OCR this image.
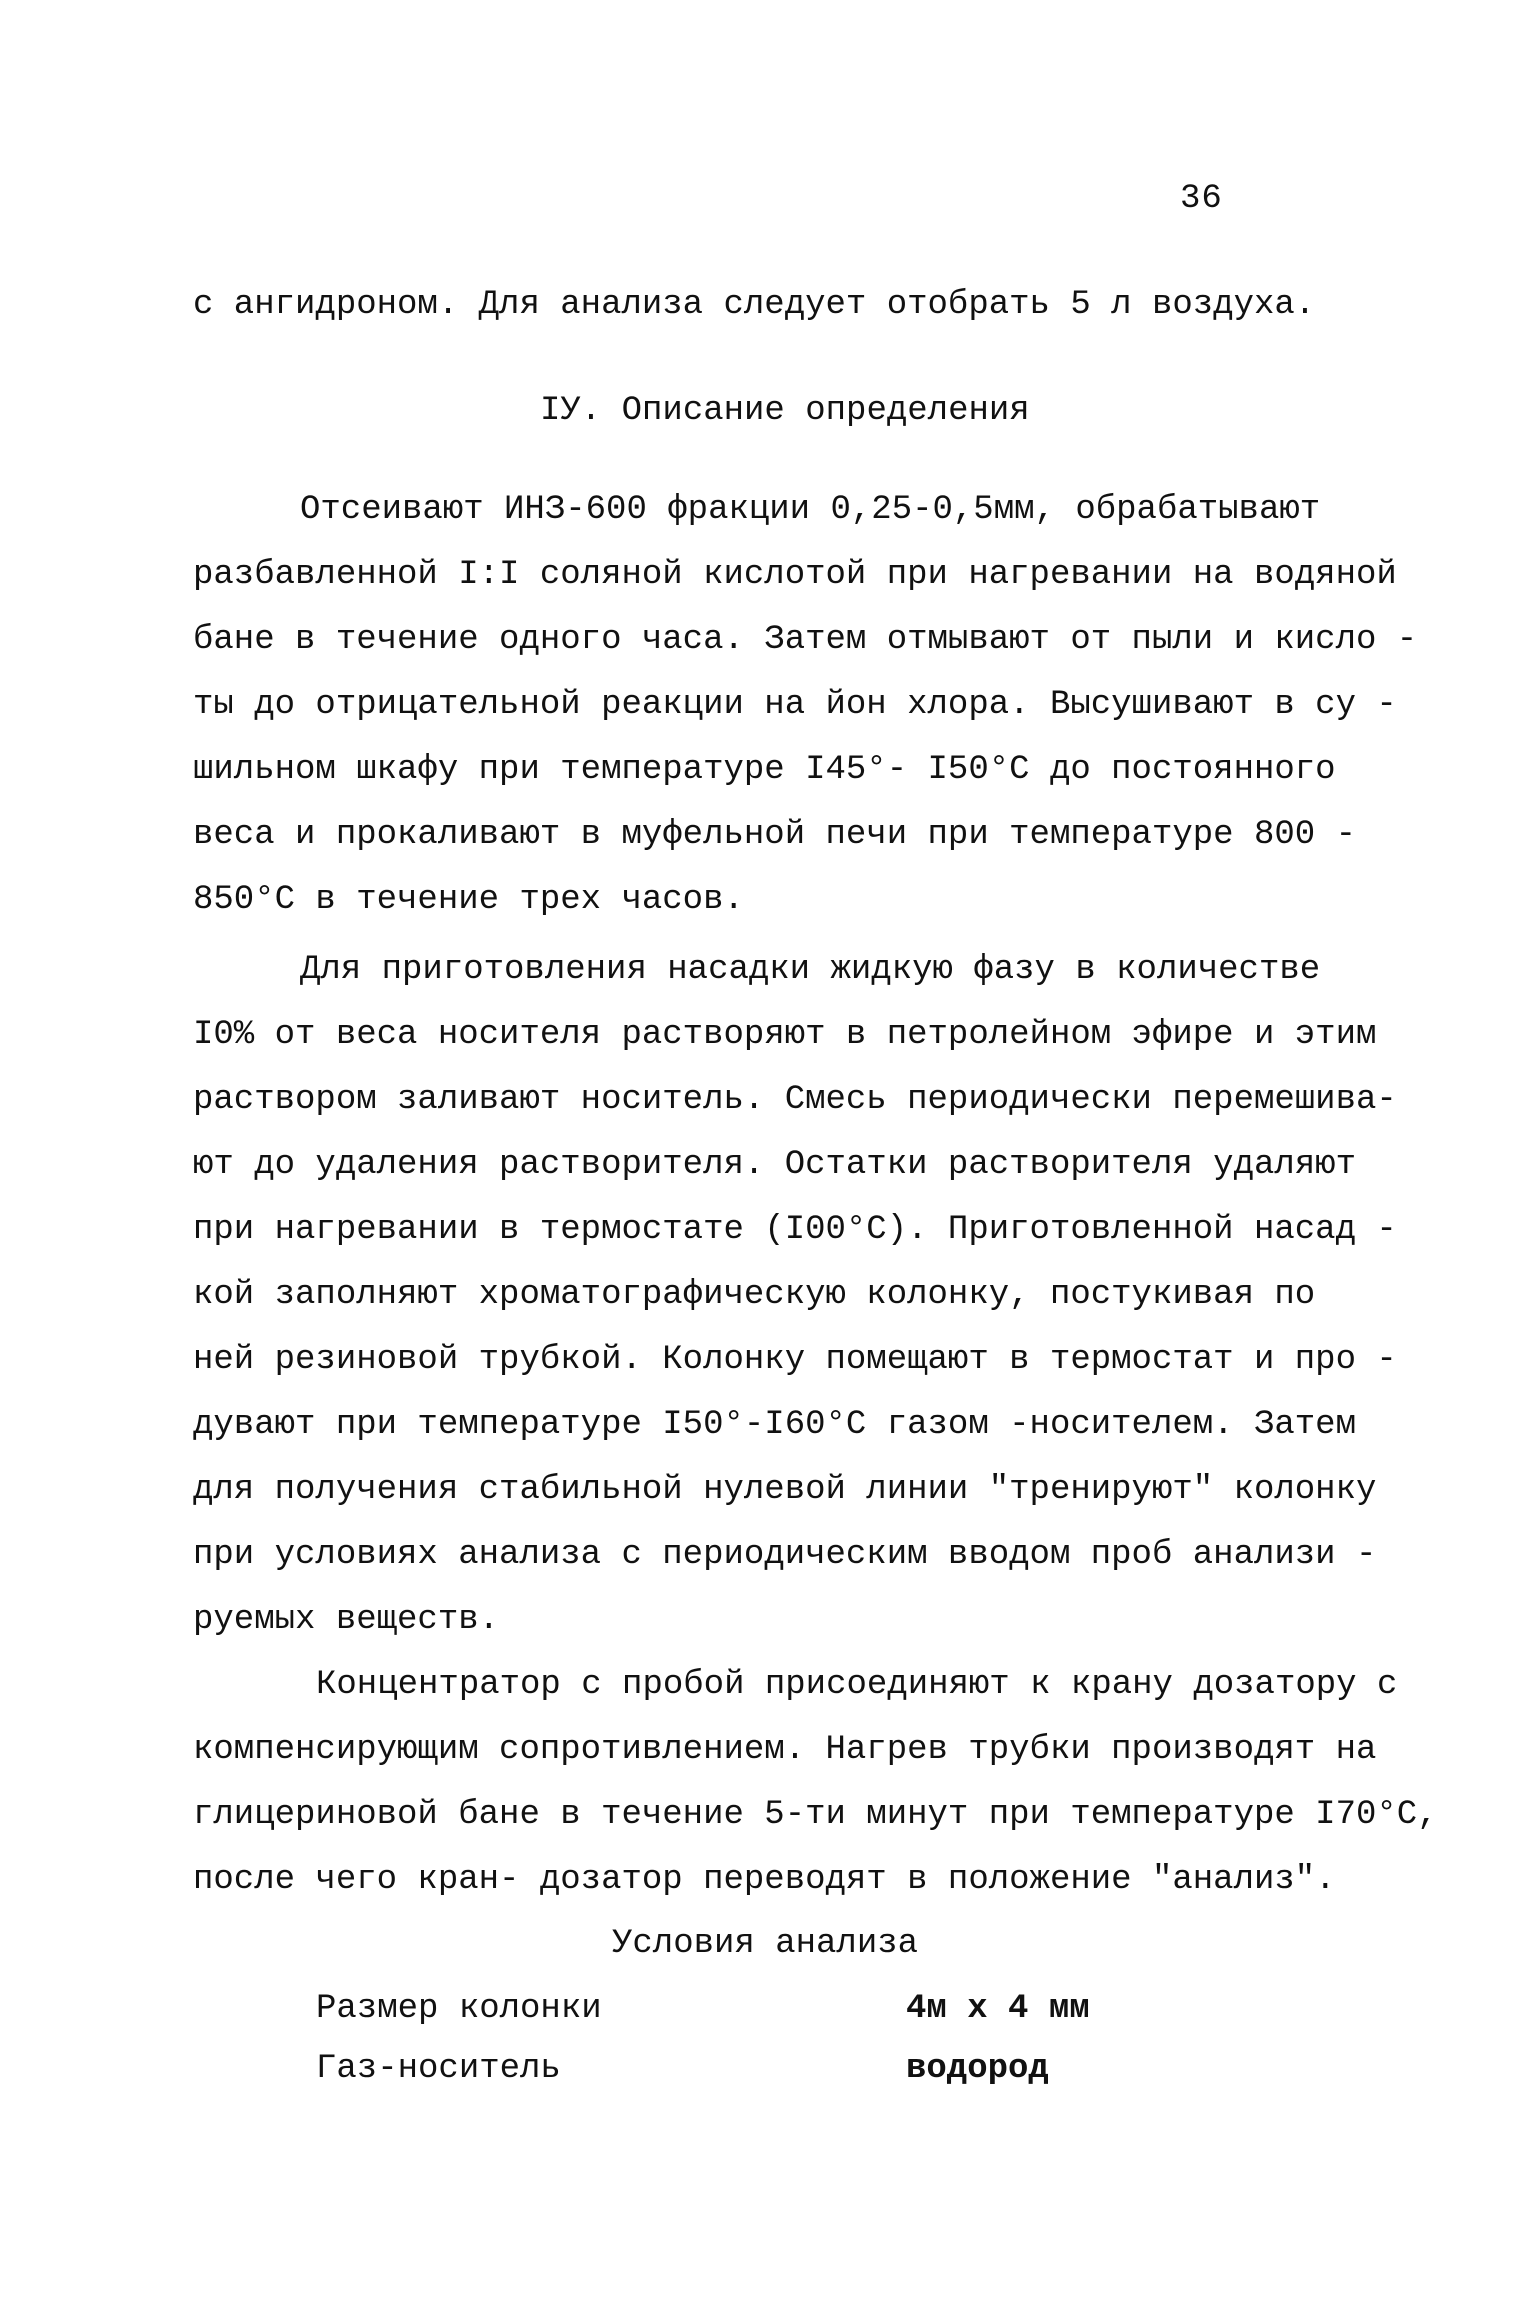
36
с ангидроном. Для анализа следует отобрать 5 л воздуха.
IУ. Описание определения
Отсеивают ИНЗ-600 фракции 0,25-0,5мм, обрабатывают
разбавленной I:I соляной кислотой при нагревании на водяной
бане в течение одного часа. Затем отмывают от пыли и кисло -
ты до отрицательной реакции на йон хлора. Высушивают в су -
шильном шкафу при температуре I45°- I50°С до постоянного
веса и прокаливают в муфельной печи при температуре 800 -
850°С в течение трех часов.
Для приготовления насадки жидкую фазу в количестве
I0% от веса носителя растворяют в петролейном эфире и этим
раствором заливают носитель. Смесь периодически перемешива-
ют до удаления растворителя. Остатки растворителя удаляют
при нагревании в термостате (I00°С). Приготовленной насад -
кой заполняют хроматографическую колонку, постукивая по
ней резиновой трубкой. Колонку помещают в термостат и про -
дувают при температуре I50°-I60°С газом -носителем. Затем
для получения стабильной нулевой линии "тренируют" колонку
при условиях анализа с периодическим вводом проб анализи -
руемых веществ.
Концентратор с пробой присоединяют к крану дозатору с
компенсирующим сопротивлением. Нагрев трубки производят на
глицериновой бане в течение 5-ти минут при температуре I70°С,
после чего кран- дозатор переводят в положение "анализ".
Условия анализа
Размер колонки	4м х 4 мм
Газ-носитель	водород
